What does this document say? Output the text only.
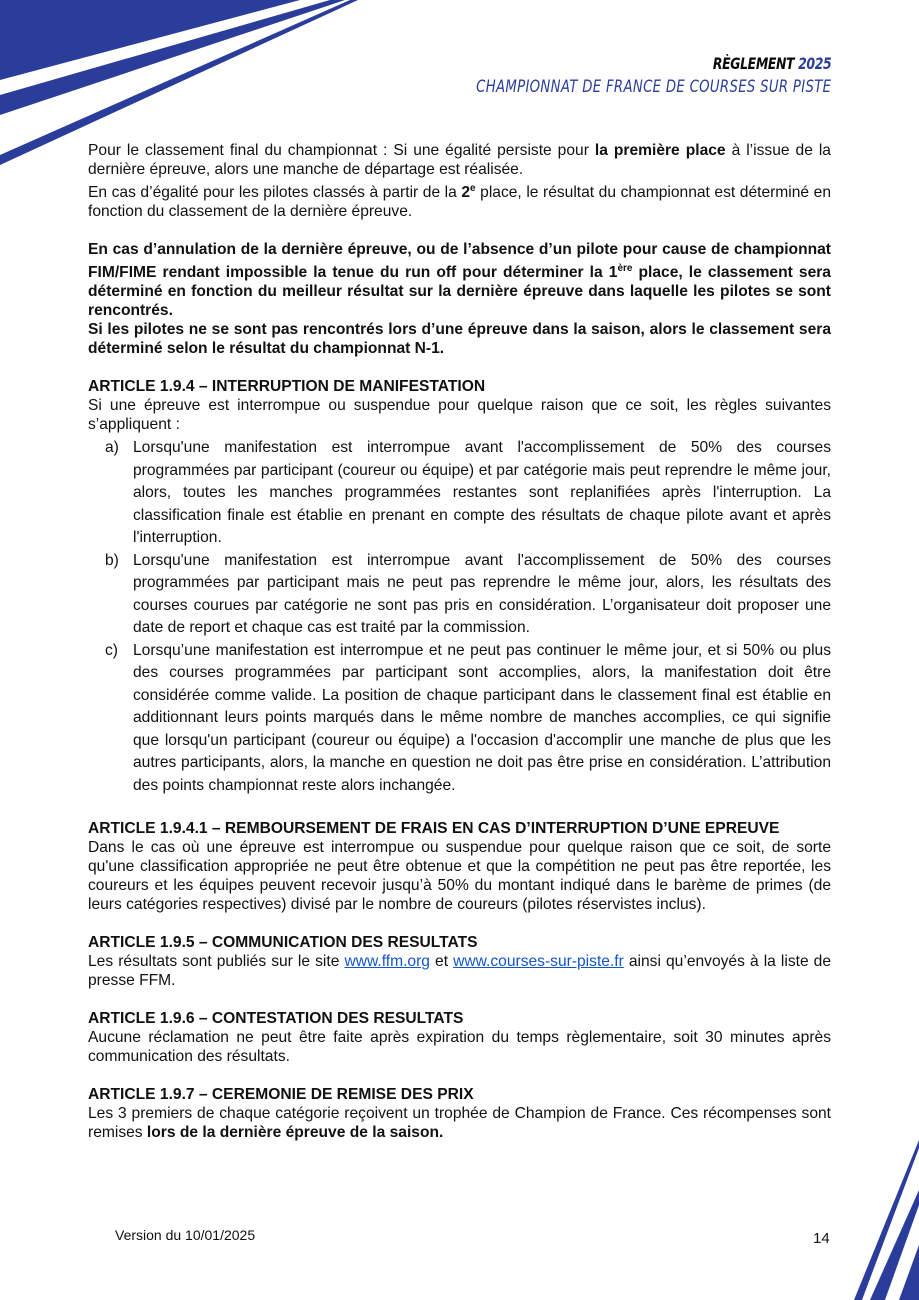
RÈGLEMENT 2025
CHAMPIONNAT DE FRANCE DE COURSES SUR PISTE

Pour le classement final du championnat : Si une égalité persiste pour la première place à l’issue de la dernière épreuve, alors une manche de départage est réalisée.

En cas d’égalité pour les pilotes classés à partir de la 2e place, le résultat du championnat est déterminé en fonction du classement de la dernière épreuve.

En cas d’annulation de la dernière épreuve, ou de l’absence d’un pilote pour cause de championnat FIM/FIME rendant impossible la tenue du run off pour déterminer la 1ère place, le classement sera déterminé en fonction du meilleur résultat sur la dernière épreuve dans laquelle les pilotes se sont rencontrés.

Si les pilotes ne se sont pas rencontrés lors d’une épreuve dans la saison, alors le classement sera déterminé selon le résultat du championnat N-1.

ARTICLE 1.9.4 – INTERRUPTION DE MANIFESTATION

Si une épreuve est interrompue ou suspendue pour quelque raison que ce soit, les règles suivantes s’appliquent :

a) Lorsqu'une manifestation est interrompue avant l'accomplissement de 50% des courses programmées par participant (coureur ou équipe) et par catégorie mais peut reprendre le même jour, alors, toutes les manches programmées restantes sont replanifiées après l'interruption. La classification finale est établie en prenant en compte des résultats de chaque pilote avant et après l'interruption.
b) Lorsqu'une manifestation est interrompue avant l'accomplissement de 50% des courses programmées par participant mais ne peut pas reprendre le même jour, alors, les résultats des courses courues par catégorie ne sont pas pris en considération. L’organisateur doit proposer une date de report et chaque cas est traité par la commission.
c) Lorsqu’une manifestation est interrompue et ne peut pas continuer le même jour, et si 50% ou plus des courses programmées par participant sont accomplies, alors, la manifestation doit être considérée comme valide. La position de chaque participant dans le classement final est établie en additionnant leurs points marqués dans le même nombre de manches accomplies, ce qui signifie que lorsqu'un participant (coureur ou équipe) a l'occasion d'accomplir une manche de plus que les autres participants, alors, la manche en question ne doit pas être prise en considération. L’attribution des points championnat reste alors inchangée.

ARTICLE 1.9.4.1 – REMBOURSEMENT DE FRAIS EN CAS D’INTERRUPTION D’UNE EPREUVE

Dans le cas où une épreuve est interrompue ou suspendue pour quelque raison que ce soit, de sorte qu'une classification appropriée ne peut être obtenue et que la compétition ne peut pas être reportée, les coureurs et les équipes peuvent recevoir jusqu’à 50% du montant indiqué dans le barème de primes (de leurs catégories respectives) divisé par le nombre de coureurs (pilotes réservistes inclus).

ARTICLE 1.9.5 – COMMUNICATION DES RESULTATS

Les résultats sont publiés sur le site www.ffm.org et www.courses-sur-piste.fr ainsi qu’envoyés à la liste de presse FFM.

ARTICLE 1.9.6 – CONTESTATION DES RESULTATS

Aucune réclamation ne peut être faite après expiration du temps règlementaire, soit 30 minutes après communication des résultats.

ARTICLE 1.9.7 – CEREMONIE DE REMISE DES PRIX

Les 3 premiers de chaque catégorie reçoivent un trophée de Champion de France. Ces récompenses sont remises lors de la dernière épreuve de la saison.

Version du 10/01/2025	14
